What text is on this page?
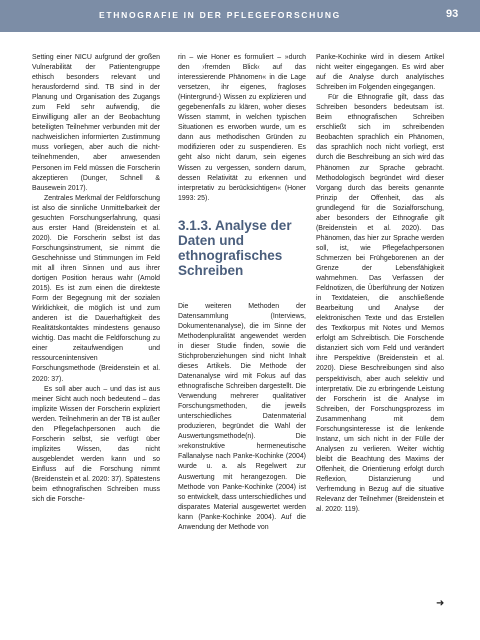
ETHNOGRAFIE IN DER PFLEGEFORSCHUNG	93

Setting einer NICU aufgrund der großen Vulnerabilität der Patientengruppe ethisch besonders relevant und herausfordernd sind. TB sind in der Planung und Organisation des Zugangs zum Feld sehr aufwendig, die Einwilligung aller an der Beobachtung beteiligten Teilnehmer verbunden mit der nachweislichen informierten Zustimmung muss vorliegen, aber auch die nicht-teilnehmenden, aber anwesenden Personen im Feld müssen die Forscherin akzeptieren (Dunger, Schnell & Bausewein 2017).

Zentrales Merkmal der Feldforschung ist also die sinnliche Unmittelbarkeit der gesuchten Forschungserfahrung, quasi aus erster Hand (Breidenstein et al. 2020). Die Forscherin selbst ist das Forschungsinstrument, sie nimmt die Geschehnisse und Stimmungen im Feld mit all ihren Sinnen und aus ihrer dortigen Position heraus wahr (Arnold 2015). Es ist zum einen die direkteste Form der Begegnung mit der sozialen Wirklichkeit, die möglich ist und zum anderen ist die Dauerhaftigkeit des Realitätskontaktes mindestens genauso wichtig. Das macht die Feldforschung zu einer zeitaufwendigen und ressourcenintensiven Forschungsmethode (Breidenstein et al. 2020: 37).

Es soll aber auch – und das ist aus meiner Sicht auch noch bedeutend – das implizite Wissen der Forscherin expliziert werden. Teilnehmerin an der TB ist außer den Pflegefachpersonen auch die Forscherin selbst, sie verfügt über implizites Wissen, das nicht ausgeblendet werden kann und so Einfluss auf die Forschung nimmt (Breidenstein et al. 2020: 37). Spätestens beim ethnografischen Schreiben muss sich die Forsche-

rin – wie Honer es formuliert – »durch den ›fremden Blick‹ auf das interessierende Phänomen« in die Lage versetzen, ihr eigenes, fragloses (Hintergrund-) Wissen zu explizieren und gegebenenfalls zu klären, woher dieses Wissen stammt, in welchen typischen Situationen es erworben wurde, um es dann aus methodischen Gründen zu modifizieren oder zu suspendieren. Es geht also nicht darum, sein eigenes Wissen zu vergessen, sondern darum, dessen Relativität zu erkennen und interpretativ zu berücksichtigen« (Honer 1993: 25).

3.1.3. Analyse der Daten und ethnografisches Schreiben

Die weiteren Methoden der Datensammlung (Interviews, Dokumentenanalyse), die im Sinne der Methodenpluralität angewendet werden in dieser Studie finden, sowie die Stichprobenziehungen sind nicht Inhalt dieses Artikels. Die Methode der Datenanalyse wird mit Fokus auf das ethnografische Schreiben dargestellt. Die Verwendung mehrerer qualitativer Forschungsmethoden, die jeweils unterschiedliches Datenmaterial produzieren, begründet die Wahl der Auswertungsmethode(n). Die »rekonstruktive hermeneutische Fallanalyse nach Panke-Kochinke (2004) wurde u. a. als Regelwert zur Auswertung mit herangezogen. Die Methode von Panke-Kochinke (2004) ist so entwickelt, dass unterschiedliches und disparates Material ausgewertet werden kann (Panke-Kochinke 2004). Auf die Anwendung der Methode von

Panke-Kochinke wird in diesem Artikel nicht weiter eingegangen. Es wird aber auf die Analyse durch analytisches Schreiben im Folgenden eingegangen.

Für die Ethnografie gilt, dass das Schreiben besonders bedeutsam ist. Beim ethnografischen Schreiben erschließt sich im schreibenden Beobachten sprachlich ein Phänomen, das sprachlich noch nicht vorliegt, erst durch die Beschreibung an sich wird das Phänomen zur Sprache gebracht. Methodologisch begründet wird dieser Vorgang durch das bereits genannte Prinzip der Offenheit, das als grundlegend für die Sozialforschung, aber besonders der Ethnografie gilt (Breidenstein et al. 2020). Das Phänomen, das hier zur Sprache werden soll, ist, wie Pflegefachpersonen Schmerzen bei Frühgeborenen an der Grenze der Lebensfähigkeit wahrnehmen. Das Verfassen der Feldnotizen, die Überführung der Notizen in Textdateien, die anschließende Bearbeitung und Analyse der elektronischen Texte und das Erstellen des Textkorpus mit Notes und Memos erfolgt am Schreibtisch. Die Forschende distanziert sich vom Feld und verändert ihre Perspektive (Breidenstein et al. 2020). Diese Beschreibungen sind also perspektivisch, aber auch selektiv und interpretativ. Die zu erbringende Leistung der Forscherin ist die Analyse im Schreiben, der Forschungsprozess im Zusammenhang mit dem Forschungsinteresse ist die lenkende Instanz, um sich nicht in der Fülle der Analysen zu verlieren. Weiter wichtig bleibt die Beachtung des Maxims der Offenheit, die Orientierung erfolgt durch Reflexion, Distanzierung und Verfremdung in Bezug auf die situative Relevanz der Teilnehmer (Breidenstein et al. 2020: 119).

➜
